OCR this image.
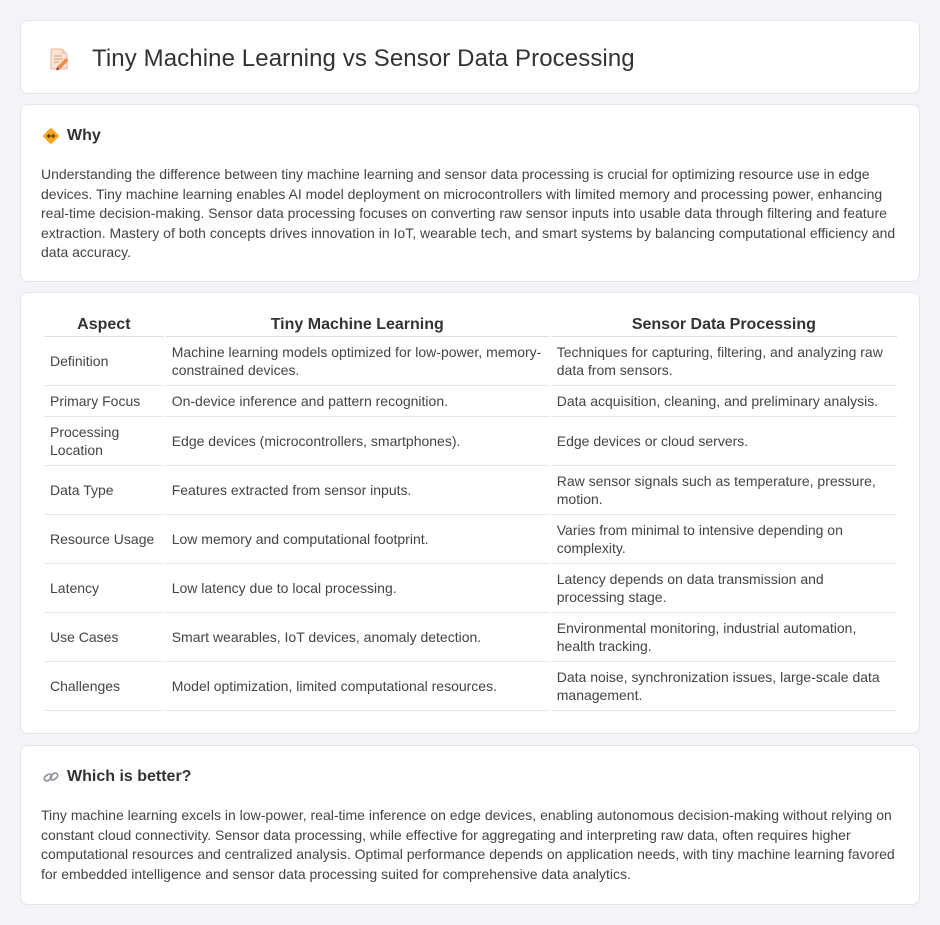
Tiny Machine Learning vs Sensor Data Processing
Why

Understanding the difference between tiny machine learning and sensor data processing is crucial for optimizing resource use in edge devices. Tiny machine learning enables AI model deployment on microcontrollers with limited memory and processing power, enhancing real-time decision-making. Sensor data processing focuses on converting raw sensor inputs into usable data through filtering and feature extraction. Mastery of both concepts drives innovation in IoT, wearable tech, and smart systems by balancing computational efficiency and data accuracy.

Aspect	Tiny Machine Learning	Sensor Data Processing
Definition	Machine learning models optimized for low-power, memory-constrained devices.	Techniques for capturing, filtering, and analyzing raw data from sensors.
Primary Focus	On-device inference and pattern recognition.	Data acquisition, cleaning, and preliminary analysis.
Processing Location	Edge devices (microcontrollers, smartphones).	Edge devices or cloud servers.
Data Type	Features extracted from sensor inputs.	Raw sensor signals such as temperature, pressure, motion.
Resource Usage	Low memory and computational footprint.	Varies from minimal to intensive depending on complexity.
Latency	Low latency due to local processing.	Latency depends on data transmission and processing stage.
Use Cases	Smart wearables, IoT devices, anomaly detection.	Environmental monitoring, industrial automation, health tracking.
Challenges	Model optimization, limited computational resources.	Data noise, synchronization issues, large-scale data management.
Which is better?

Tiny machine learning excels in low-power, real-time inference on edge devices, enabling autonomous decision-making without relying on constant cloud connectivity. Sensor data processing, while effective for aggregating and interpreting raw data, often requires higher computational resources and centralized analysis. Optimal performance depends on application needs, with tiny machine learning favored for embedded intelligence and sensor data processing suited for comprehensive data analytics.
